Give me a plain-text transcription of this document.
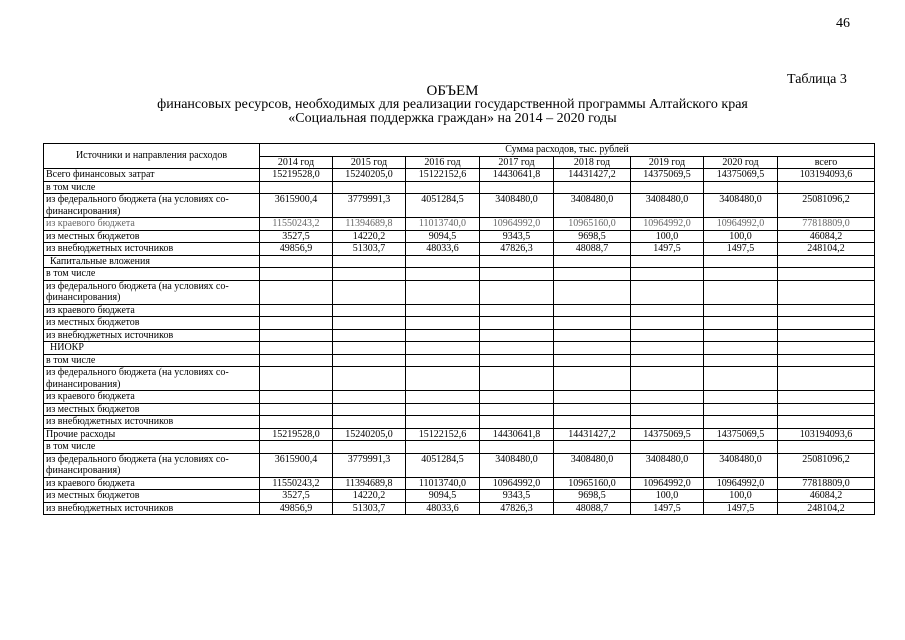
46
Таблица 3
ОБЪЕМ
финансовых ресурсов, необходимых для реализации государственной программы Алтайского края
«Социальная поддержка граждан» на 2014 – 2020 годы
Источники и направления расходов	Сумма расходов, тыс. рублей							
	2014 год	2015 год	2016 год	2017 год	2018 год	2019 год	2020 год	всего
Всего финансовых затрат	15219528,0	15240205,0	15122152,6	14430641,8	14431427,2	14375069,5	14375069,5	103194093,6
в том числе								
из федерального бюджета (на условиях со-финансирования)	3615900,4	3779991,3	4051284,5	3408480,0	3408480,0	3408480,0	3408480,0	25081096,2
из краевого бюджета	11550243,2	11394689,8	11013740,0	10964992,0	10965160,0	10964992,0	10964992,0	77818809,0
из местных бюджетов	3527,5	14220,2	9094,5	9343,5	9698,5	100,0	100,0	46084,2
из внебюджетных источников	49856,9	51303,7	48033,6	47826,3	48088,7	1497,5	1497,5	248104,2
Капитальные вложения								
в том числе								
из федерального бюджета (на условиях со-финансирования)								
из краевого бюджета								
из местных бюджетов								
из внебюджетных источников								
НИОКР								
в том числе								
из федерального бюджета (на условиях со-финансирования)								
из краевого бюджета								
из местных бюджетов								
из внебюджетных источников								
Прочие расходы	15219528,0	15240205,0	15122152,6	14430641,8	14431427,2	14375069,5	14375069,5	103194093,6
в том числе								
из федерального бюджета (на условиях со-финансирования)	3615900,4	3779991,3	4051284,5	3408480,0	3408480,0	3408480,0	3408480,0	25081096,2
из краевого бюджета	11550243,2	11394689,8	11013740,0	10964992,0	10965160,0	10964992,0	10964992,0	77818809,0
из местных бюджетов	3527,5	14220,2	9094,5	9343,5	9698,5	100,0	100,0	46084,2
из внебюджетных источников	49856,9	51303,7	48033,6	47826,3	48088,7	1497,5	1497,5	248104,2
